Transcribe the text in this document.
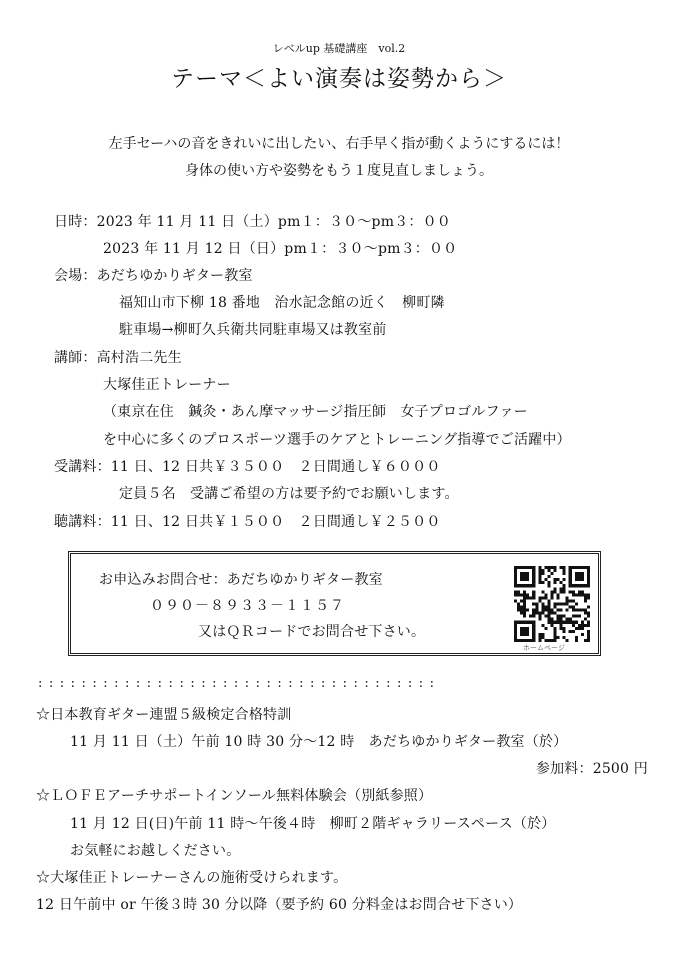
レベルup 基礎講座　vol.2
テーマ＜よい演奏は姿勢から＞
左手セーハの音をきれいに出したい、右手早く指が動くようにするには！
身体の使い方や姿勢をもう１度見直しましょう。
日時：2023 年 11 月 11 日（土）pm１：３０～pm３：００
2023 年 11 月 12 日（日）pm１：３０～pm３：００
会場：あだちゆかりギター教室
福知山市下柳 18 番地　治水記念館の近く　柳町隣
駐車場→柳町久兵衛共同駐車場又は教室前
講師：高村浩二先生
大塚佳正トレーナー
（東京在住　鍼灸・あん摩マッサージ指圧師　女子プロゴルファー
を中心に多くのプロスポーツ選手のケアとトレーニング指導でご活躍中）
受講料：11 日、12 日共￥３５００　２日間通し￥６０００
定員５名　受講ご希望の方は要予約でお願いします。
聴講料：11 日、12 日共￥１５００　２日間通し￥２５００
お申込みお問合せ：あだちゆかりギター教室
０９０－８９３３－１１５７
又はＱＲコードでお問合せ下さい。
ホームページ
:::::::::::::::::::::::::::::::::::::
☆日本教育ギター連盟５級検定合格特訓
11 月 11 日（土）午前 10 時 30 分～12 時　あだちゆかりギター教室（於）
参加料：2500 円
☆ＬＯＦＥアーチサポートインソール無料体験会（別紙参照）
11 月 12 日(日)午前 11 時～午後４時　柳町２階ギャラリースペース（於）
お気軽にお越しください。
☆大塚佳正トレーナーさんの施術受けられます。
12 日午前中 or 午後３時 30 分以降（要予約 60 分料金はお問合せ下さい）
